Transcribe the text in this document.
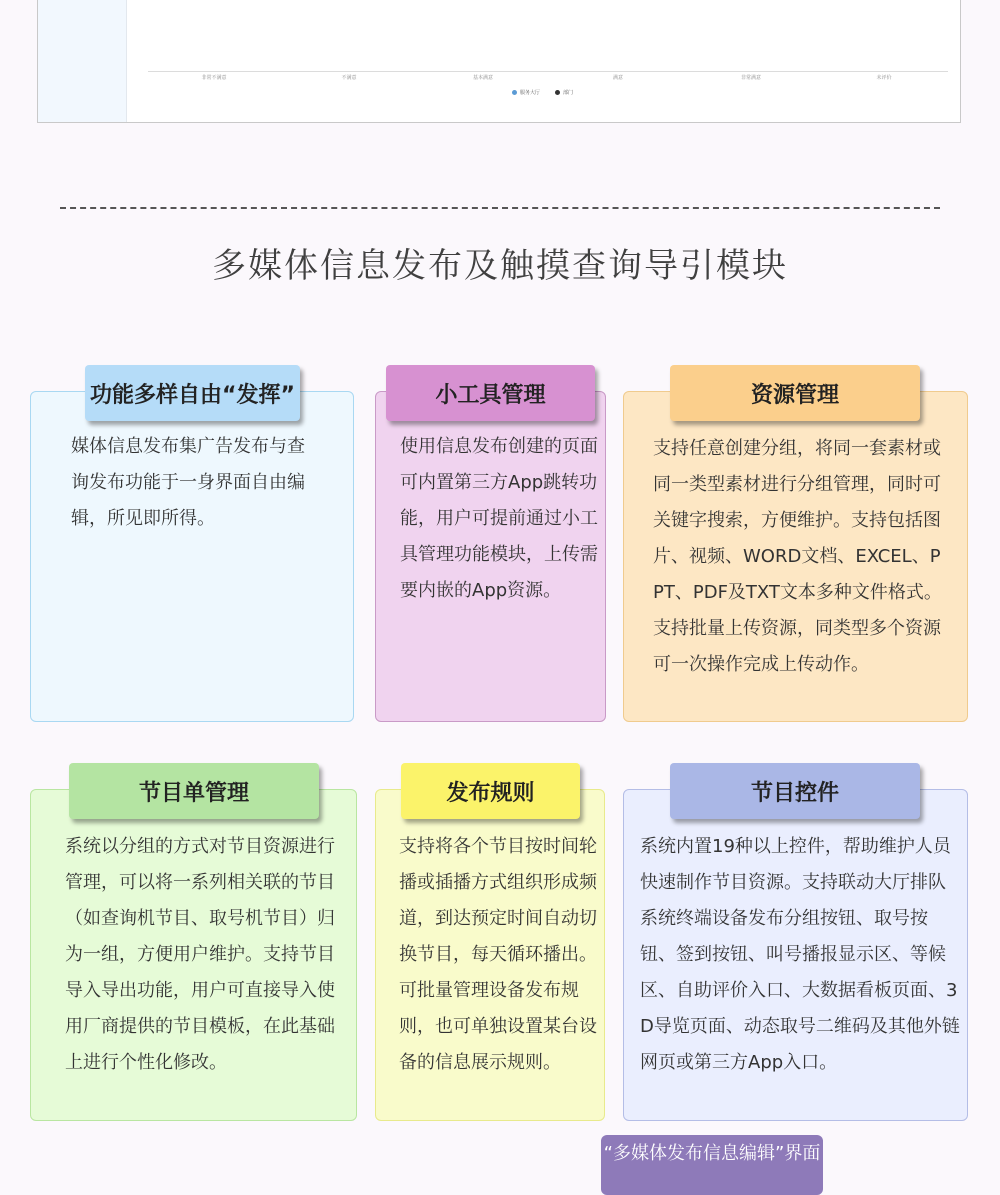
非常不满意	不满意	基本满意	满意	非常满意	未评价
服务大厅	部门
多媒体信息发布及触摸查询导引模块
功能多样自由“发挥”
媒体信息发布集广告发布与查询发布功能于一身界面自由编辑，所见即所得。
小工具管理
使用信息发布创建的页面可内置第三方App跳转功能，用户可提前通过小工具管理功能模块，上传需要内嵌的App资源。
资源管理
支持任意创建分组，将同一套素材或同一类型素材进行分组管理，同时可关键字搜索，方便维护。支持包括图片、视频、WORD文档、EXCEL、PPT、PDF及TXT文本多种文件格式。支持批量上传资源，同类型多个资源可一次操作完成上传动作。
节目单管理
系统以分组的方式对节目资源进行管理，可以将一系列相关联的节目（如查询机节目、取号机节目）归为一组，方便用户维护。支持节目导入导出功能，用户可直接导入使用厂商提供的节目模板，在此基础上进行个性化修改。
发布规则
支持将各个节目按时间轮播或插播方式组织形成频道，到达预定时间自动切换节目，每天循环播出。可批量管理设备发布规则，也可单独设置某台设备的信息展示规则。
节目控件
系统内置19种以上控件，帮助维护人员快速制作节目资源。支持联动大厅排队系统终端设备发布分组按钮、取号按钮、签到按钮、叫号播报显示区、等候区、自助评价入口、大数据看板页面、3D导览页面、动态取号二维码及其他外链网页或第三方App入口。
“多媒体发布信息编辑”界面
